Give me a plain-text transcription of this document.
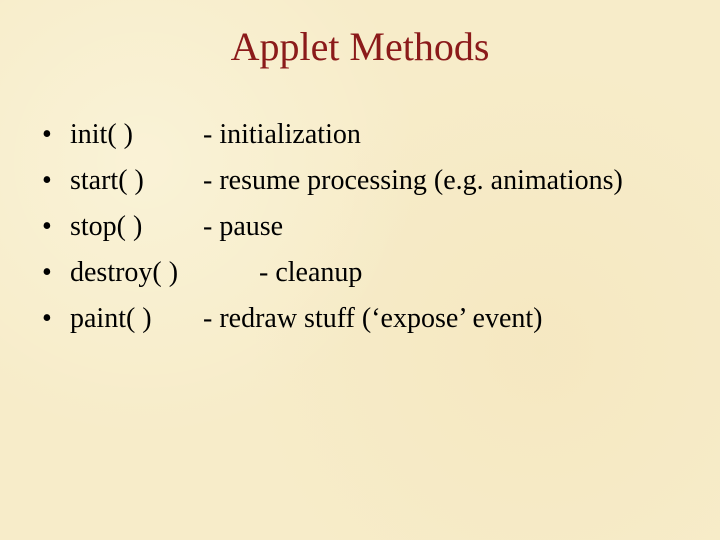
Applet Methods
• init( )	- initialization
• start( ) - resume processing (e.g. animations)
• stop( ) - pause
• destroy( )	- cleanup
• paint( ) - redraw stuff (‘expose’ event)
